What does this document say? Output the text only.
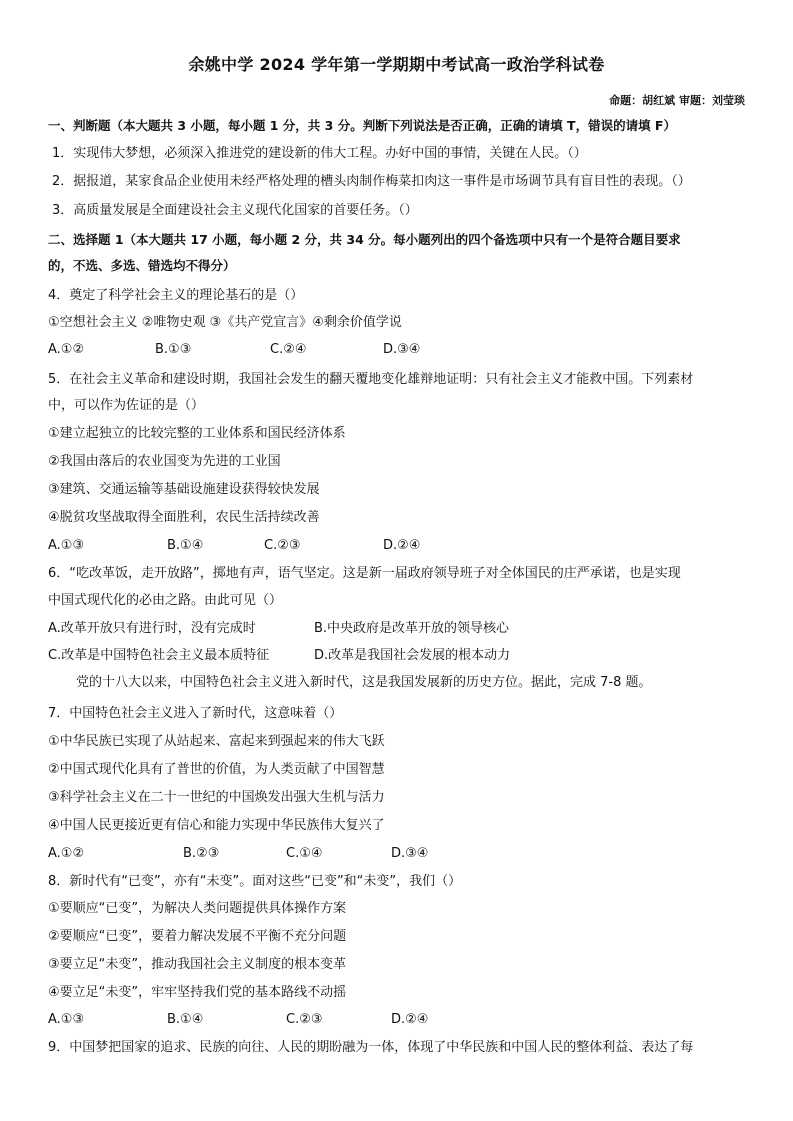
余姚中学 2024 学年第一学期期中考试高一政治学科试卷
命题：胡红斌 审题：刘莹琰
一、判断题（本大题共 3 小题，每小题 1 分，共 3 分。判断下列说法是否正确，正确的请填 T，错误的请填 F）
1．实现伟大梦想，必须深入推进党的建设新的伟大工程。办好中国的事情，关键在人民。（）
2．据报道，某家食品企业使用未经严格处理的槽头肉制作梅菜扣肉这一事件是市场调节具有盲目性的表现。（）
3．高质量发展是全面建设社会主义现代化国家的首要任务。（）
二、选择题 1（本大题共 17 小题，每小题 2 分，共 34 分。每小题列出的四个备选项中只有一个是符合题目要求
的，不选、多选、错选均不得分）
4．奠定了科学社会主义的理论基石的是（）
①空想社会主义 ②唯物史观 ③《共产党宣言》④剩余价值学说
A.①②	B.①③	C.②④	D.③④
5．在社会主义革命和建设时期，我国社会发生的翻天覆地变化雄辩地证明：只有社会主义才能救中国。下列素材
中，可以作为佐证的是（）
①建立起独立的比较完整的工业体系和国民经济体系
②我国由落后的农业国变为先进的工业国
③建筑、交通运输等基础设施建设获得较快发展
④脱贫攻坚战取得全面胜利，农民生活持续改善
A.①③	B.①④	C.②③	D.②④
6．“吃改革饭，走开放路”，掷地有声，语气坚定。这是新一届政府领导班子对全体国民的庄严承诺，也是实现
中国式现代化的必由之路。由此可见（）
A.改革开放只有进行时，没有完成时	B.中央政府是改革开放的领导核心
C.改革是中国特色社会主义最本质特征	D.改革是我国社会发展的根本动力
党的十八大以来，中国特色社会主义进入新时代，这是我国发展新的历史方位。据此，完成 7-8 题。
7．中国特色社会主义进入了新时代，这意味着（）
①中华民族已实现了从站起来、富起来到强起来的伟大飞跃
②中国式现代化具有了普世的价值，为人类贡献了中国智慧
③科学社会主义在二十一世纪的中国焕发出强大生机与活力
④中国人民更接近更有信心和能力实现中华民族伟大复兴了
A.①②	B.②③	C.①④	D.③④
8．新时代有“已变”，亦有“未变”。面对这些“已变”和“未变”，我们（）
①要顺应“已变”，为解决人类问题提供具体操作方案
②要顺应“已变”，要着力解决发展不平衡不充分问题
③要立足“未变”，推动我国社会主义制度的根本变革
④要立足“未变”，牢牢坚持我们党的基本路线不动摇
A.①③	B.①④	C.②③	D.②④
9．中国梦把国家的追求、民族的向往、人民的期盼融为一体，体现了中华民族和中国人民的整体利益、表达了每
